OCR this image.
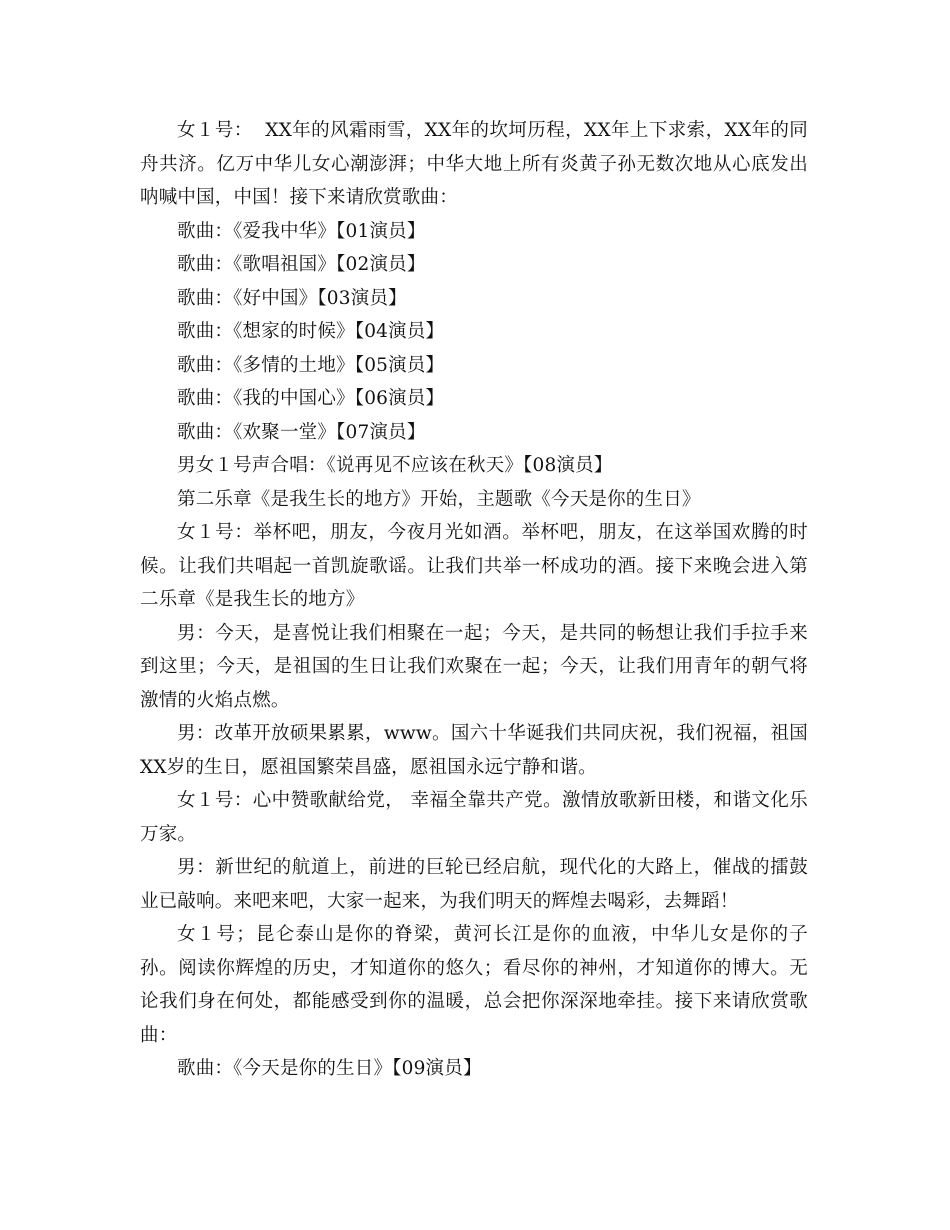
女１号：  XX年的风霜雨雪，XX年的坎坷历程，XX年上下求索，XX年的同舟共济。亿万中华儿女心潮澎湃；中华大地上所有炎黄子孙无数次地从心底发出呐喊中国，中国！接下来请欣赏歌曲：

歌曲：《爱我中华》【01演员】

歌曲：《歌唱祖国》【02演员】

歌曲：《好中国》【03演员】

歌曲：《想家的时候》【04演员】

歌曲：《多情的土地》【05演员】

歌曲：《我的中国心》【06演员】

歌曲：《欢聚一堂》【07演员】

男女１号声合唱：《说再见不应该在秋天》【08演员】

第二乐章《是我生长的地方》开始，主题歌《今天是你的生日》

女１号：举杯吧，朋友，今夜月光如酒。举杯吧，朋友，在这举国欢腾的时候。让我们共唱起一首凯旋歌谣。让我们共举一杯成功的酒。接下来晚会进入第二乐章《是我生长的地方》

男：今天，是喜悦让我们相聚在一起；今天，是共同的畅想让我们手拉手来到这里；今天，是祖国的生日让我们欢聚在一起；今天，让我们用青年的朝气将激情的火焰点燃。

男：改革开放硕果累累，www。国六十华诞我们共同庆祝，我们祝福，祖国XX岁的生日，愿祖国繁荣昌盛，愿祖国永远宁静和谐。

女１号：心中赞歌献给党， 幸福全靠共产党。激情放歌新田楼，和谐文化乐万家。

男：新世纪的航道上，前进的巨轮已经启航，现代化的大路上，催战的擂鼓业已敲响。来吧来吧，大家一起来，为我们明天的辉煌去喝彩，去舞蹈！

女１号；昆仑泰山是你的脊梁，黄河长江是你的血液，中华儿女是你的子孙。阅读你辉煌的历史，才知道你的悠久；看尽你的神州，才知道你的博大。无论我们身在何处，都能感受到你的温暖，总会把你深深地牵挂。接下来请欣赏歌曲：

歌曲：《今天是你的生日》【09演员】
